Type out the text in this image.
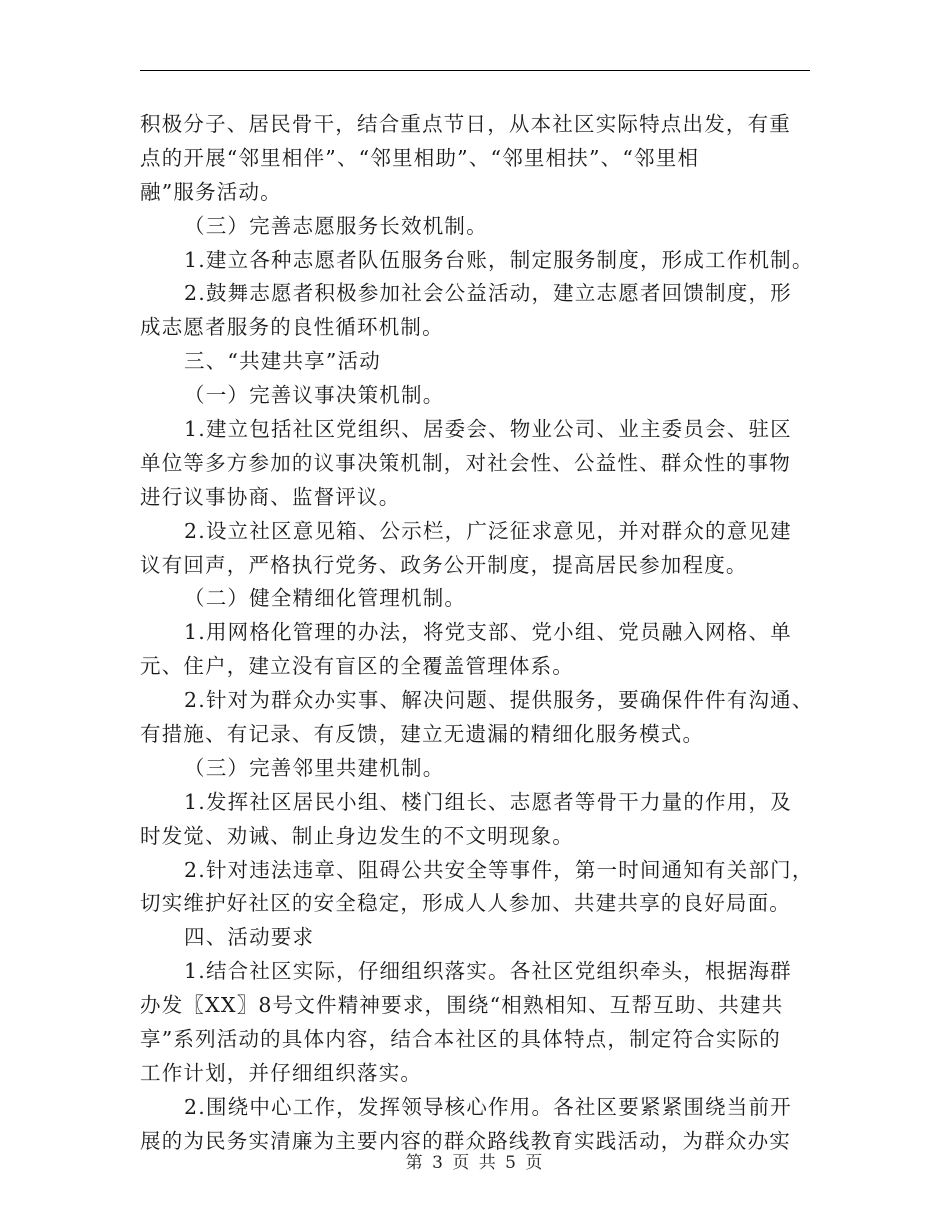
积极分子、居民骨干，结合重点节日，从本社区实际特点出发，有重
点的开展“邻里相伴”、“邻里相助”、“邻里相扶”、“邻里相
融”服务活动。
（三）完善志愿服务长效机制。
1.建立各种志愿者队伍服务台账，制定服务制度，形成工作机制。
2.鼓舞志愿者积极参加社会公益活动，建立志愿者回馈制度，形
成志愿者服务的良性循环机制。
三、“共建共享”活动
（一）完善议事决策机制。
1.建立包括社区党组织、居委会、物业公司、业主委员会、驻区
单位等多方参加的议事决策机制，对社会性、公益性、群众性的事物
进行议事协商、监督评议。
2.设立社区意见箱、公示栏，广泛征求意见，并对群众的意见建
议有回声，严格执行党务、政务公开制度，提高居民参加程度。
（二）健全精细化管理机制。
1.用网格化管理的办法，将党支部、党小组、党员融入网格、单
元、住户，建立没有盲区的全覆盖管理体系。
2.针对为群众办实事、解决问题、提供服务，要确保件件有沟通、
有措施、有记录、有反馈，建立无遗漏的精细化服务模式。
（三）完善邻里共建机制。
1.发挥社区居民小组、楼门组长、志愿者等骨干力量的作用，及
时发觉、劝诫、制止身边发生的不文明现象。
2.针对违法违章、阻碍公共安全等事件，第一时间通知有关部门，
切实维护好社区的安全稳定，形成人人参加、共建共享的良好局面。
四、活动要求
1.结合社区实际，仔细组织落实。各社区党组织牵头，根据海群
办发〖XX〗8号文件精神要求，围绕“相熟相知、互帮互助、共建共
享”系列活动的具体内容，结合本社区的具体特点，制定符合实际的
工作计划，并仔细组织落实。
2.围绕中心工作，发挥领导核心作用。各社区要紧紧围绕当前开
展的为民务实清廉为主要内容的群众路线教育实践活动，为群众办实
第 3 页 共 5 页
